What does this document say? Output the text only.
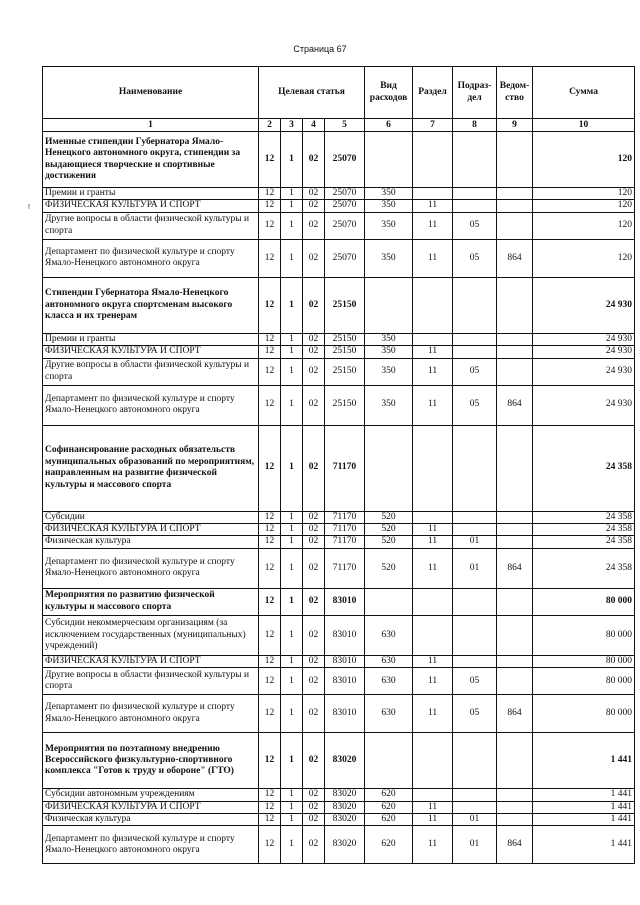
Страница 67
ᶠ
Наименование	Целевая статья				Вид расходов	Раздел	Подраз-дел	Ведом-ство	Сумма
1	2	3	4	5	6	7	8	9	10
Именные стипендии Губернатора Ямало-Ненецкого автономного округа, стипендии за выдающиеся творческие и спортивные достижения	12	1	02	25070					120
Премии и гранты	12	1	02	25070	350				120
ФИЗИЧЕСКАЯ КУЛЬТУРА И СПОРТ	12	1	02	25070	350	11			120
Другие вопросы в области физической культуры и спорта	12	1	02	25070	350	11	05		120
Департамент по физической культуре и спорту Ямало-Ненецкого автономного округа	12	1	02	25070	350	11	05	864	120
Стипендии Губернатора Ямало-Ненецкого автономного округа спортсменам высокого класса и их тренерам	12	1	02	25150					24 930
Премии и гранты	12	1	02	25150	350				24 930
ФИЗИЧЕСКАЯ КУЛЬТУРА И СПОРТ	12	1	02	25150	350	11			24 930
Другие вопросы в области физической культуры и спорта	12	1	02	25150	350	11	05		24 930
Департамент по физической культуре и спорту Ямало-Ненецкого автономного округа	12	1	02	25150	350	11	05	864	24 930
Софинансирование расходных обязательств муниципальных образований по мероприятиям, направленным на развитие физической культуры и массового спорта	12	1	02	71170					24 358
Субсидии	12	1	02	71170	520				24 358
ФИЗИЧЕСКАЯ КУЛЬТУРА И СПОРТ	12	1	02	71170	520	11			24 358
Физическая культура	12	1	02	71170	520	11	01		24 358
Департамент по физической культуре и спорту Ямало-Ненецкого автономного округа	12	1	02	71170	520	11	01	864	24 358
Мероприятия по развитию физической культуры и массового спорта	12	1	02	83010					80 000
Субсидии некоммерческим организациям (за исключением государственных (муниципальных) учреждений)	12	1	02	83010	630				80 000
ФИЗИЧЕСКАЯ КУЛЬТУРА И СПОРТ	12	1	02	83010	630	11			80 000
Другие вопросы в области физической культуры и спорта	12	1	02	83010	630	11	05		80 000
Департамент по физической культуре и спорту Ямало-Ненецкого автономного округа	12	1	02	83010	630	11	05	864	80 000
Мероприятия по поэтапному внедрению Всероссийского физкультурно-спортивного комплекса "Готов к труду и обороне" (ГТО)	12	1	02	83020					1 441
Субсидии автономным учреждениям	12	1	02	83020	620				1 441
ФИЗИЧЕСКАЯ КУЛЬТУРА И СПОРТ	12	1	02	83020	620	11			1 441
Физическая культура	12	1	02	83020	620	11	01		1 441
Департамент по физической культуре и спорту Ямало-Ненецкого автономного округа	12	1	02	83020	620	11	01	864	1 441
